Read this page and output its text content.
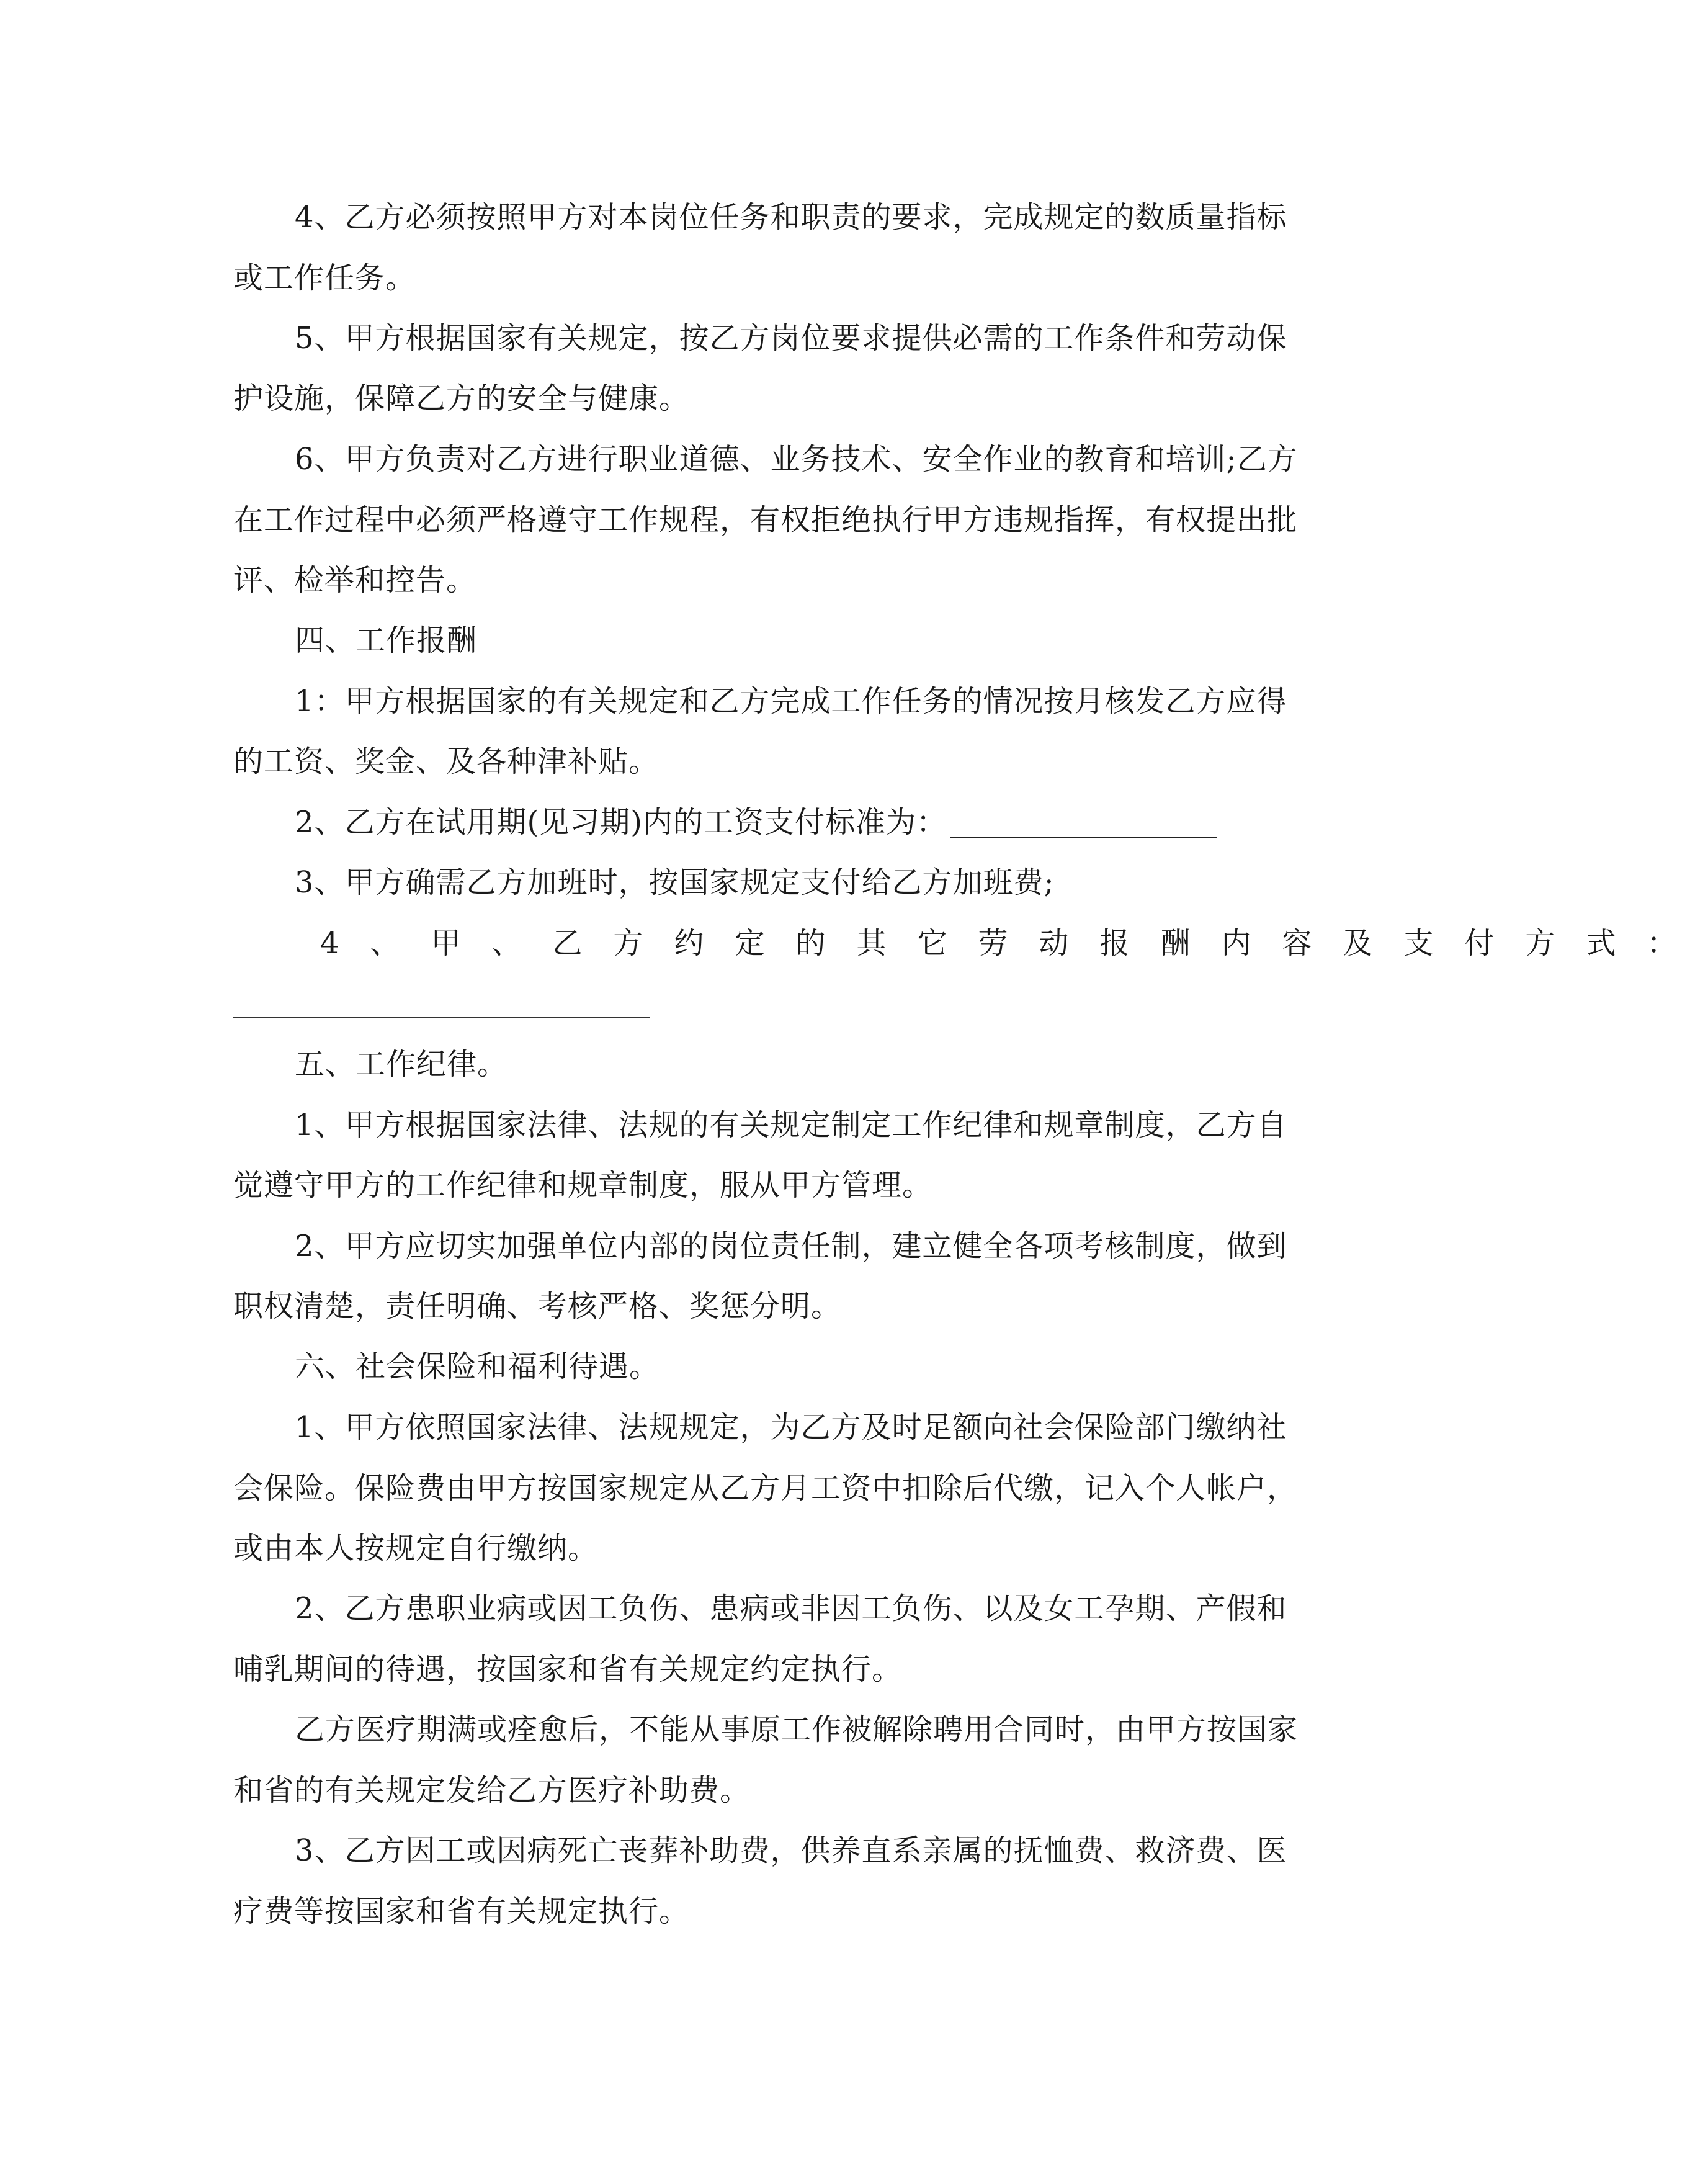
4、乙方必须按照甲方对本岗位任务和职责的要求，完成规定的数质量指标
或工作任务。
5、甲方根据国家有关规定，按乙方岗位要求提供必需的工作条件和劳动保
护设施，保障乙方的安全与健康。
6、甲方负责对乙方进行职业道德、业务技术、安全作业的教育和培训;乙方
在工作过程中必须严格遵守工作规程，有权拒绝执行甲方违规指挥，有权提出批
评、检举和控告。
四、工作报酬
1：甲方根据国家的有关规定和乙方完成工作任务的情况按月核发乙方应得
的工资、奖金、及各种津补贴。
2、乙方在试用期(见习期)内的工资支付标准为：
3、甲方确需乙方加班时，按国家规定支付给乙方加班费;
4、甲、乙方约定的其它劳动报酬内容及支付方式：
五、工作纪律。
1、甲方根据国家法律、法规的有关规定制定工作纪律和规章制度，乙方自
觉遵守甲方的工作纪律和规章制度，服从甲方管理。
2、甲方应切实加强单位内部的岗位责任制，建立健全各项考核制度，做到
职权清楚，责任明确、考核严格、奖惩分明。
六、社会保险和福利待遇。
1、甲方依照国家法律、法规规定，为乙方及时足额向社会保险部门缴纳社
会保险。保险费由甲方按国家规定从乙方月工资中扣除后代缴，记入个人帐户，
或由本人按规定自行缴纳。
2、乙方患职业病或因工负伤、患病或非因工负伤、以及女工孕期、产假和
哺乳期间的待遇，按国家和省有关规定约定执行。
乙方医疗期满或痊愈后，不能从事原工作被解除聘用合同时，由甲方按国家
和省的有关规定发给乙方医疗补助费。
3、乙方因工或因病死亡丧葬补助费，供养直系亲属的抚恤费、救济费、医
疗费等按国家和省有关规定执行。
